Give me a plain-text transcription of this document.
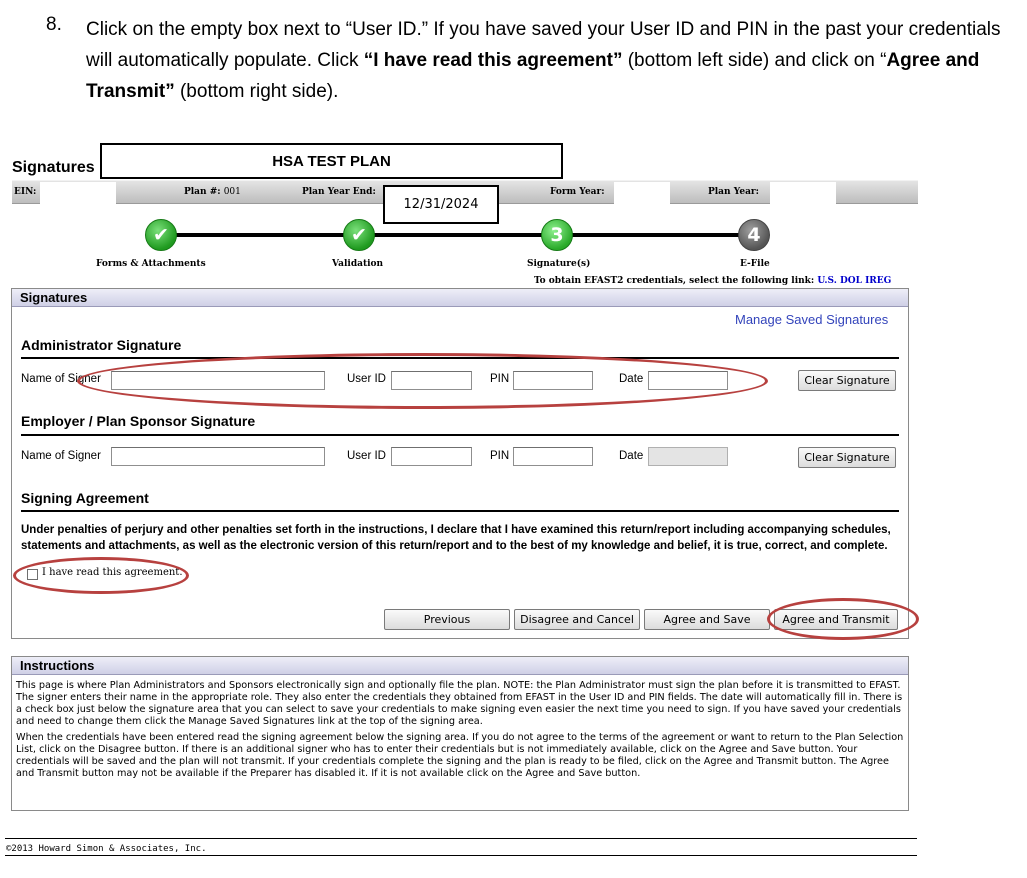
8. Click on the empty box next to “User ID.” If you have saved your User ID and PIN in the past your credentials will automatically populate. Click “I have read this agreement” (bottom left side) and click on “Agree and Transmit” (bottom right side).
Signatures
EIN:	Plan #: 001	Plan Year End:	Form Year:	Plan Year:
HSA TEST PLAN
12/31/2024
✔	✔	3	4
Forms & Attachments	Validation	Signature(s)	E-File
To obtain EFAST2 credentials, select the following link: U.S. DOL IREG
Signatures
Manage Saved Signatures
Administrator Signature
Name of Signer	User ID	PIN	Date	Clear Signature
Employer / Plan Sponsor Signature
Name of Signer	User ID	PIN	Date	Clear Signature
Signing Agreement
Under penalties of perjury and other penalties set forth in the instructions, I declare that I have examined this return/report including accompanying schedules, statements and attachments, as well as the electronic version of this return/report and to the best of my knowledge and belief, it is true, correct, and complete.
I have read this agreement.
Previous	Disagree and Cancel	Agree and Save	Agree and Transmit
Instructions

This page is where Plan Administrators and Sponsors electronically sign and optionally file the plan. NOTE: the Plan Administrator must sign the plan before it is transmitted to EFAST. The signer enters their name in the appropriate role. They also enter the credentials they obtained from EFAST in the User ID and PIN fields. The date will automatically fill in. There is a check box just below the signature area that you can select to save your credentials to make signing even easier the next time you need to sign. If you have saved your credentials and need to change them click the Manage Saved Signatures link at the top of the signing area.

When the credentials have been entered read the signing agreement below the signing area. If you do not agree to the terms of the agreement or want to return to the Plan Selection List, click on the Disagree button. If there is an additional signer who has to enter their credentials but is not immediately available, click on the Agree and Save button. Your credentials will be saved and the plan will not transmit. If your credentials complete the signing and the plan is ready to be filed, click on the Agree and Transmit button. The Agree and Transmit button may not be available if the Preparer has disabled it. If it is not available click on the Agree and Save button.

©2013 Howard Simon & Associates, Inc.
